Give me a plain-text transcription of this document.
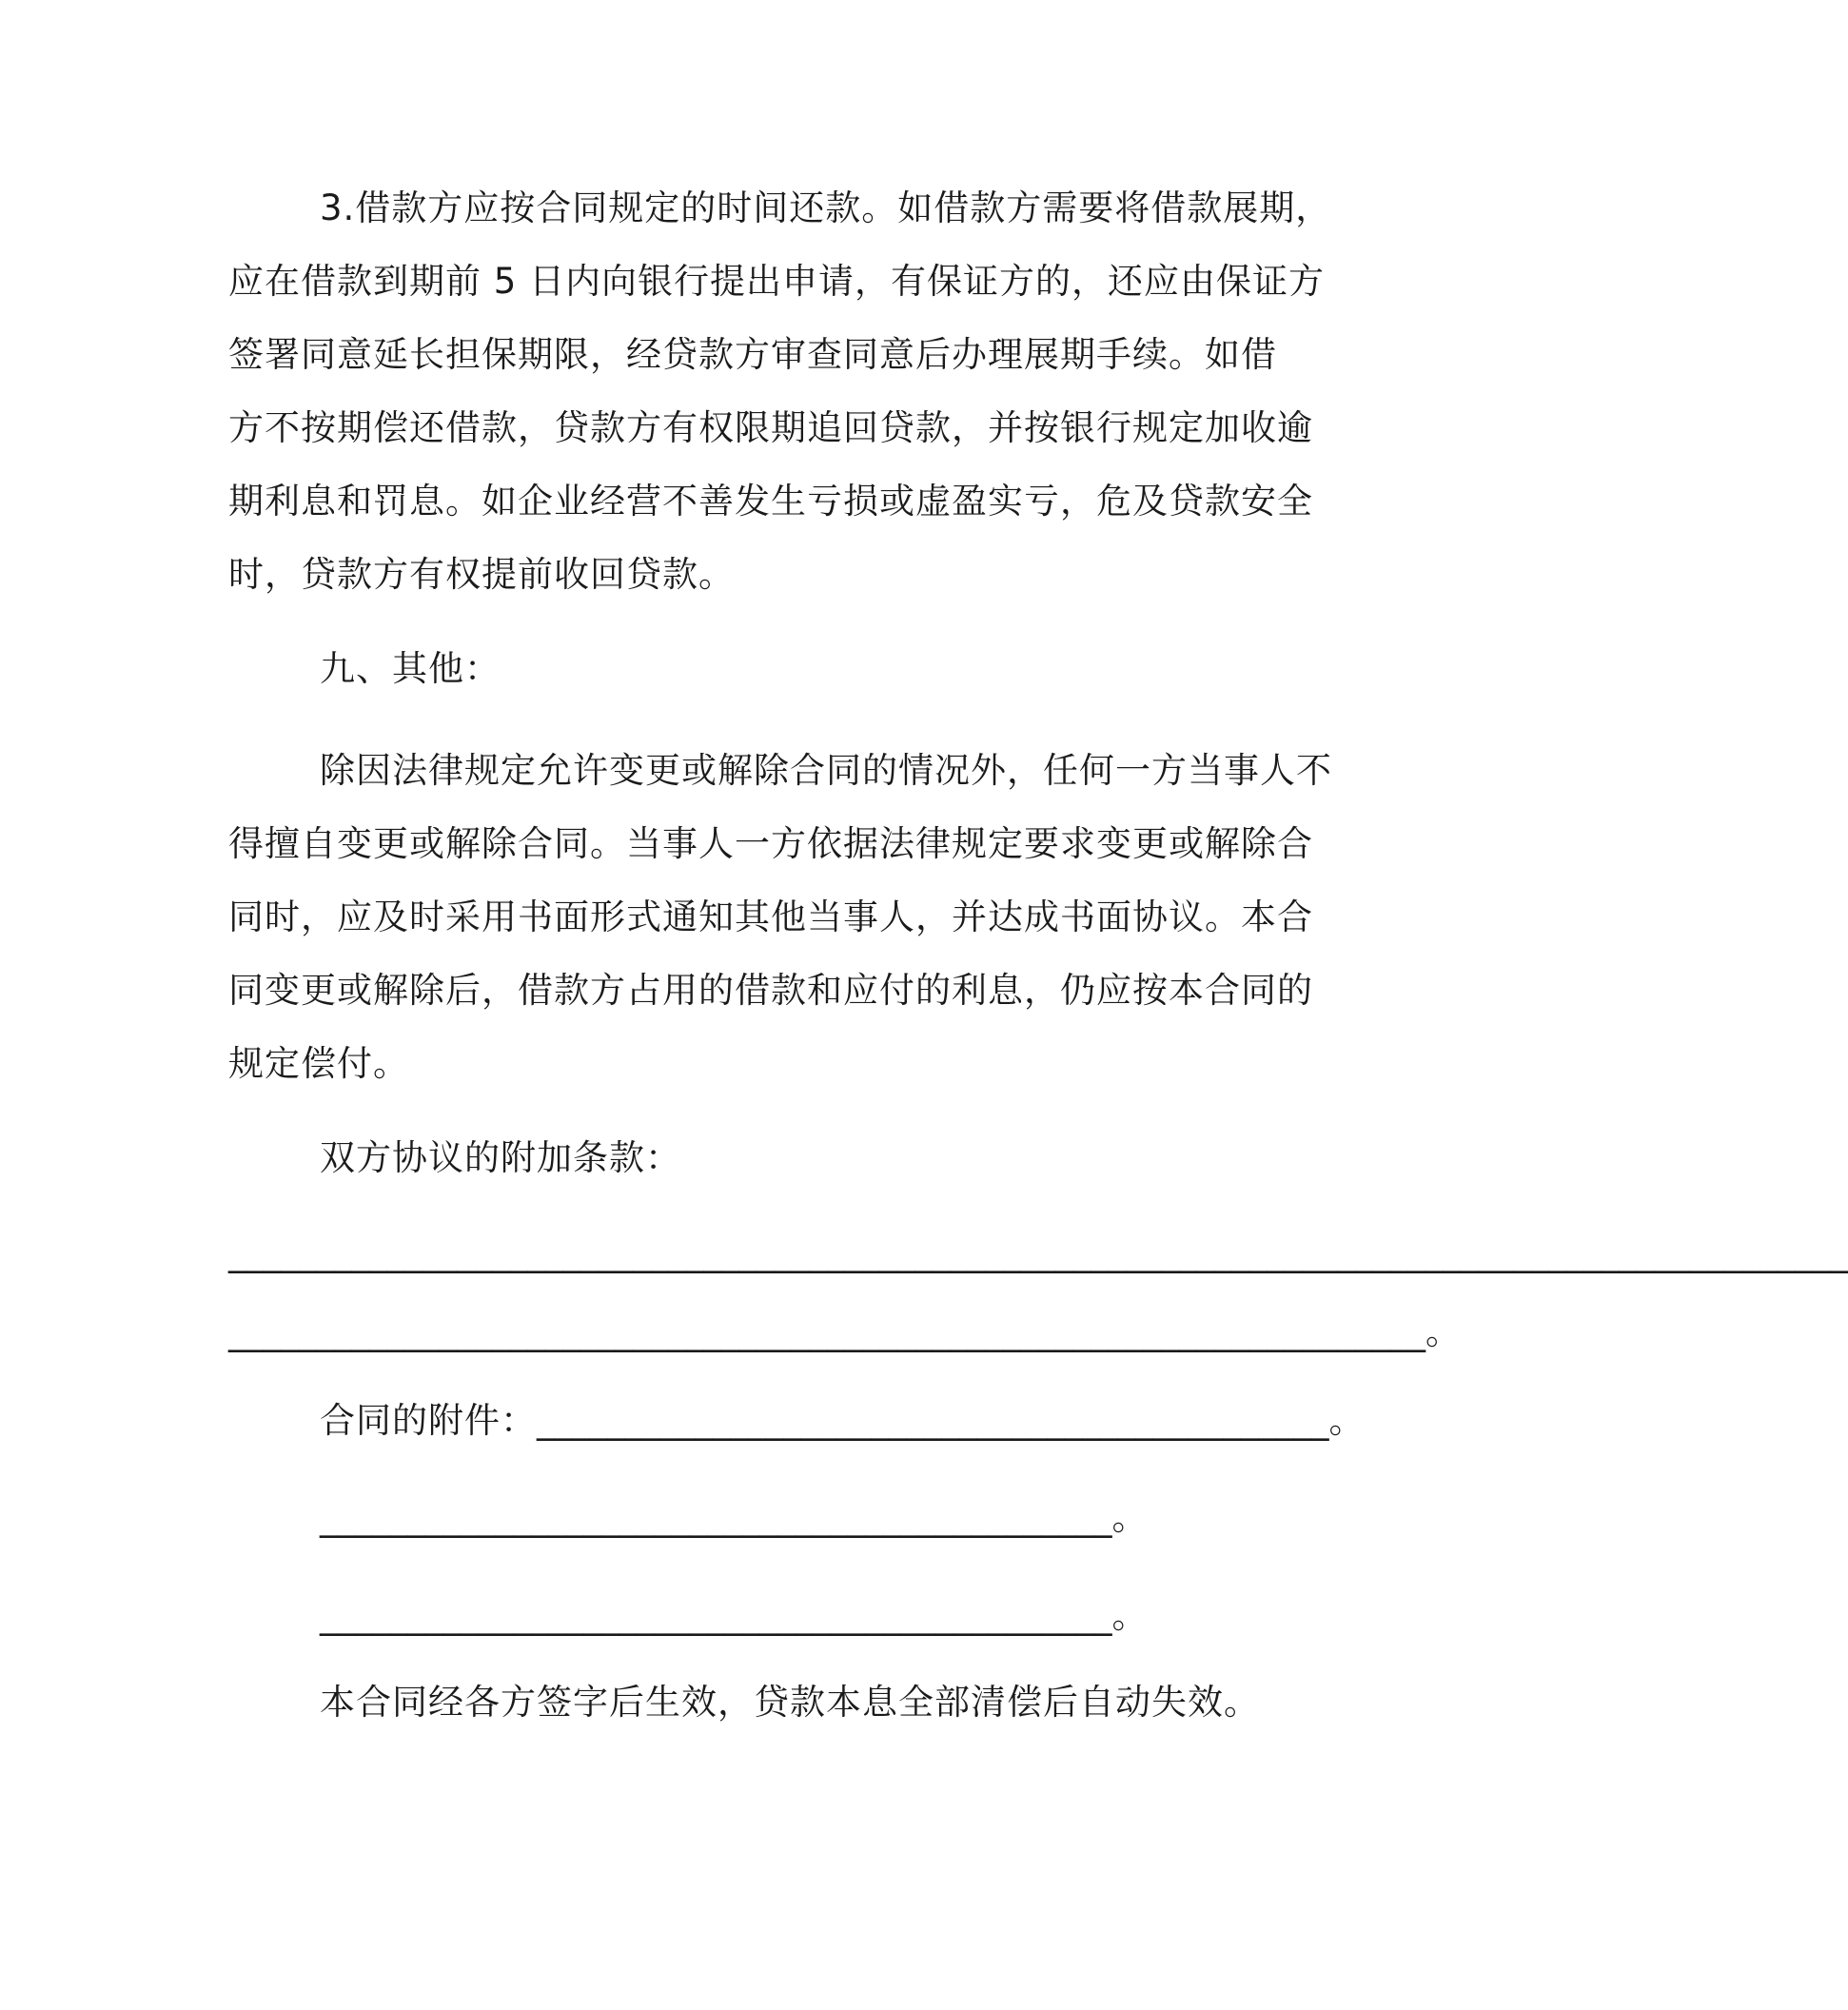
3.借款方应按合同规定的时间还款。如借款方需要将借款展期，
应在借款到期前 5 日内向银行提出申请，有保证方的，还应由保证方
签署同意延长担保期限，经贷款方审查同意后办理展期手续。如借
方不按期偿还借款，贷款方有权限期追回贷款，并按银行规定加收逾
期利息和罚息。如企业经营不善发生亏损或虚盈实亏，危及贷款安全
时，贷款方有权提前收回贷款。
九、其他：
除因法律规定允许变更或解除合同的情况外，任何一方当事人不
得擅自变更或解除合同。当事人一方依据法律规定要求变更或解除合
同时，应及时采用书面形式通知其他当事人，并达成书面协议。本合
同变更或解除后，借款方占用的借款和应付的利息，仍应按本合同的
规定偿付。
双方协议的附加条款：
____________________________________________________________________________________________
____________________________________________________________________。
合同的附件：_____________________________________________。
_____________________________________________。
_____________________________________________。
本合同经各方签字后生效，贷款本息全部清偿后自动失效。
